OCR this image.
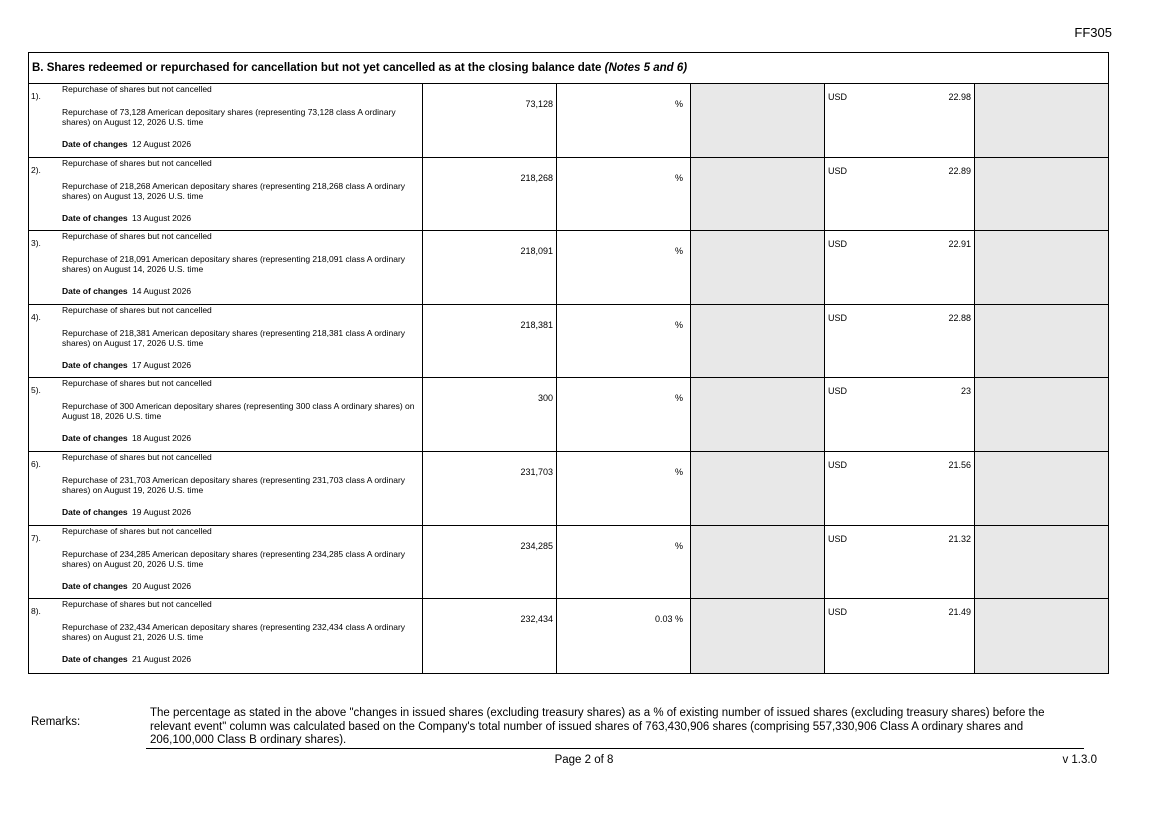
FF305
B. Shares redeemed or repurchased for cancellation but not yet cancelled as at the closing balance date (Notes 5 and 6)
1).
Repurchase of shares but not cancelled
Repurchase of 73,128 American depositary shares (representing 73,128 class A ordinary shares) on August 12, 2026 U.S. time
Date of changes 12 August 2026
73,128	%
USD	22.98
2).
Repurchase of shares but not cancelled
Repurchase of 218,268 American depositary shares (representing 218,268 class A ordinary shares) on August 13, 2026 U.S. time
Date of changes 13 August 2026
218,268	%
USD	22.89
3).
Repurchase of shares but not cancelled
Repurchase of 218,091 American depositary shares (representing 218,091 class A ordinary shares) on August 14, 2026 U.S. time
Date of changes 14 August 2026
218,091	%
USD	22.91
4).
Repurchase of shares but not cancelled
Repurchase of 218,381 American depositary shares (representing 218,381 class A ordinary shares) on August 17, 2026 U.S. time
Date of changes 17 August 2026
218,381	%
USD	22.88
5).
Repurchase of shares but not cancelled
Repurchase of 300 American depositary shares (representing 300 class A ordinary shares) on August 18, 2026 U.S. time
Date of changes 18 August 2026
300	%
USD	23
6).
Repurchase of shares but not cancelled
Repurchase of 231,703 American depositary shares (representing 231,703 class A ordinary shares) on August 19, 2026 U.S. time
Date of changes 19 August 2026
231,703	%
USD	21.56
7).
Repurchase of shares but not cancelled
Repurchase of 234,285 American depositary shares (representing 234,285 class A ordinary shares) on August 20, 2026 U.S. time
Date of changes 20 August 2026
234,285	%
USD	21.32
8).
Repurchase of shares but not cancelled
Repurchase of 232,434 American depositary shares (representing 232,434 class A ordinary shares) on August 21, 2026 U.S. time
Date of changes 21 August 2026
232,434	0.03 %
USD	21.49
Remarks:
The percentage as stated in the above "changes in issued shares (excluding treasury shares) as a % of existing number of issued shares (excluding treasury shares) before the relevant event" column was calculated based on the Company's total number of issued shares of 763,430,906 shares (comprising 557,330,906 Class A ordinary shares and 206,100,000 Class B ordinary shares).
Page 2 of 8	v 1.3.0
